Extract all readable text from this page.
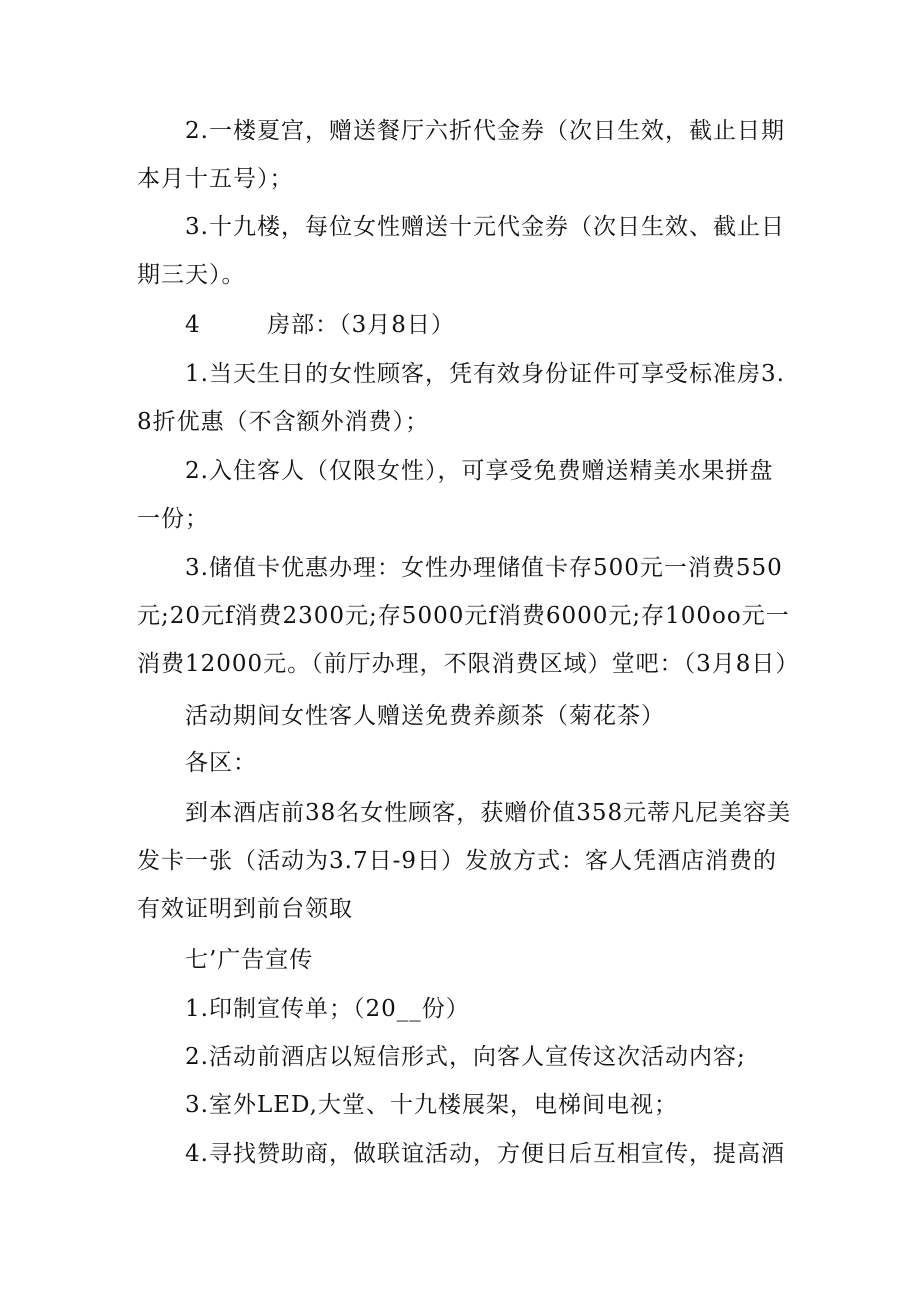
2.一楼夏宫，赠送餐厅六折代金券（次日生效，截止日期本月十五号）；

3.十九楼，每位女性赠送十元代金券（次日生效、截止日期三天）。

4        房部：（3月8日）

1.当天生日的女性顾客，凭有效身份证件可享受标准房3.8折优惠（不含额外消费）；

2.入住客人（仅限女性），可享受免费赠送精美水果拼盘一份；

3.储值卡优惠办理：女性办理储值卡存500元一消费550元;20元f消费2300元;存5000元f消费6000元;存100oo元一消费12000元。（前厅办理，不限消费区域）堂吧：（3月8日）

活动期间女性客人赠送免费养颜茶（菊花茶）

各区：

到本酒店前38名女性顾客，获赠价值358元蒂凡尼美容美发卡一张（活动为3.7日-9日）发放方式：客人凭酒店消费的有效证明到前台领取

七’广告宣传

1.印制宣传单；（20__份）

2.活动前酒店以短信形式，向客人宣传这次活动内容;

3.室外LED,大堂、十九楼展架，电梯间电视；

4.寻找赞助商，做联谊活动，方便日后互相宣传，提高酒
